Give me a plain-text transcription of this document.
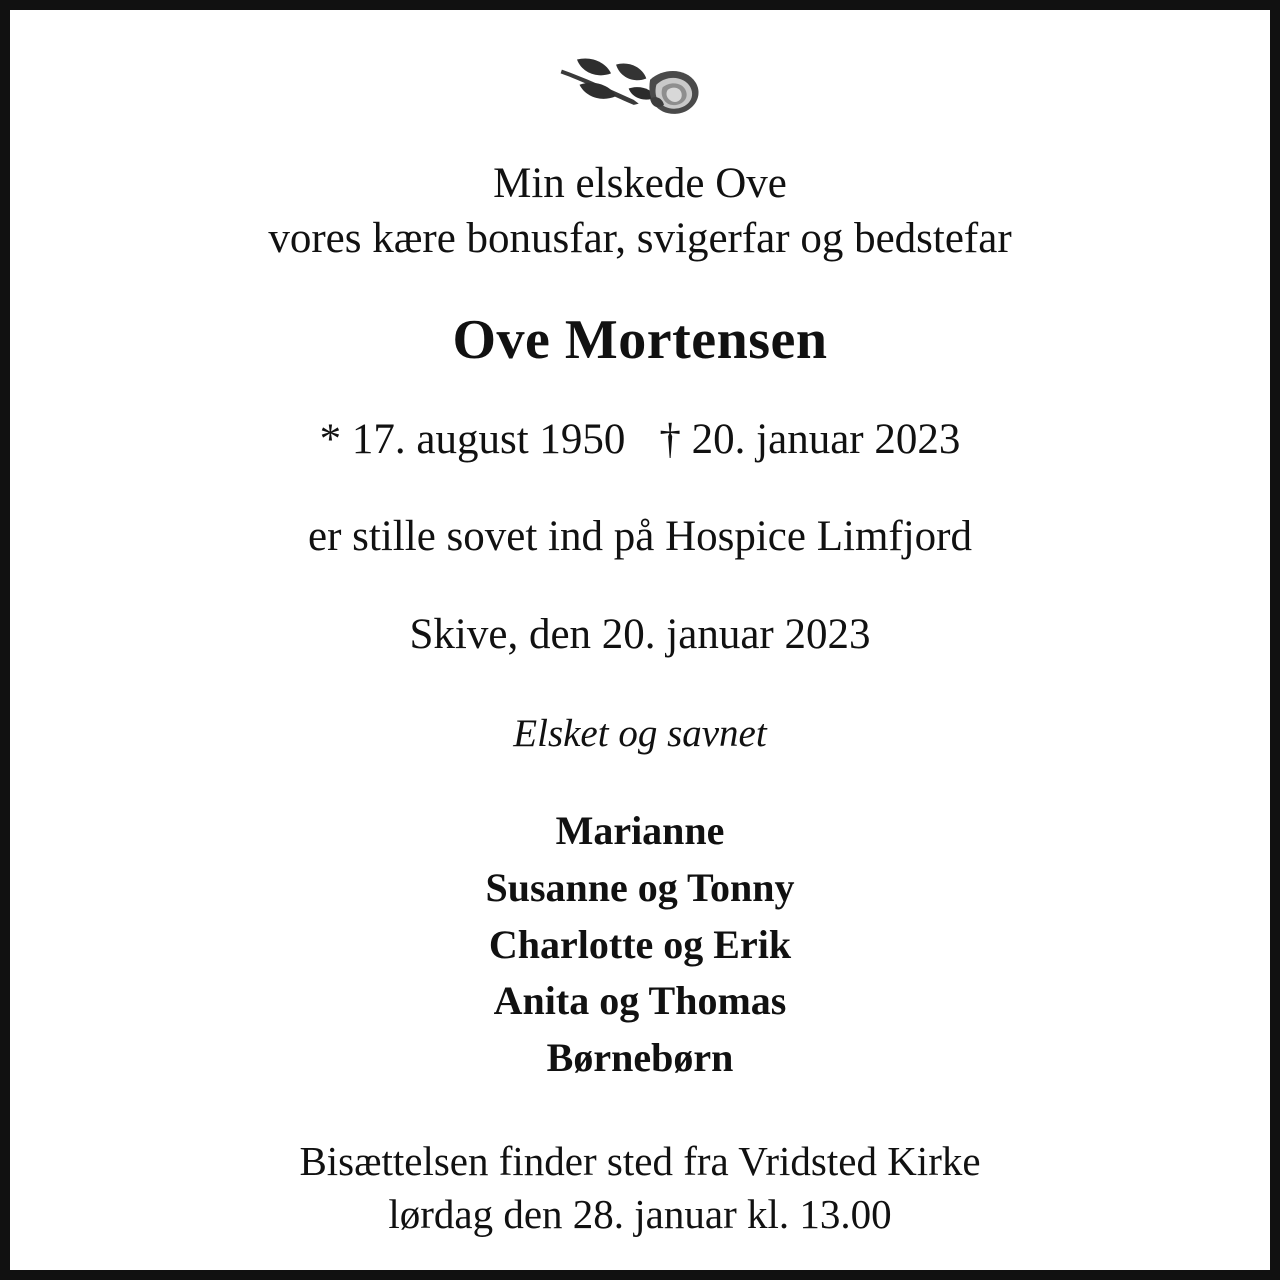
Min elskede Ove
vores kære bonusfar, svigerfar og bedstefar
Ove Mortensen
* 17. august 1950 † 20. januar 2023
er stille sovet ind på Hospice Limfjord
Skive, den 20. januar 2023
Elsket og savnet
Marianne
Susanne og Tonny
Charlotte og Erik
Anita og Thomas
Børnebørn
Bisættelsen finder sted fra Vridsted Kirke
lørdag den 28. januar kl. 13.00
